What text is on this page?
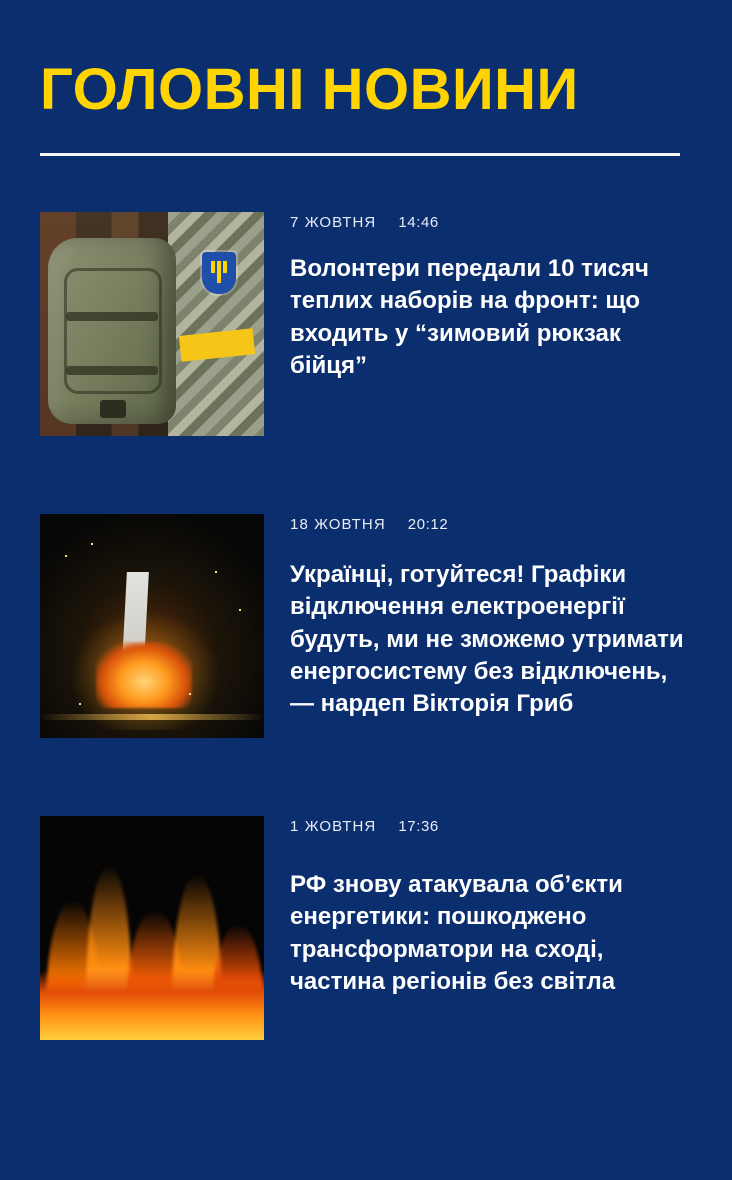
ГОЛОВНІ НОВИНИ
7 ЖОВТНЯ 14:46

Волонтери передали 10 тисяч теплих наборів на фронт: що входить у “зимовий рюкзак бійця”

18 ЖОВТНЯ 20:12

Українці, готуйтеся! Графіки відключення електроенергії будуть, ми не зможемо утримати енергосистему без відключень, — нардеп Вікторія Гриб

1 ЖОВТНЯ 17:36

РФ знову атакувала об’єкти енергетики: пошкоджено трансформатори на сході, частина регіонів без світла
